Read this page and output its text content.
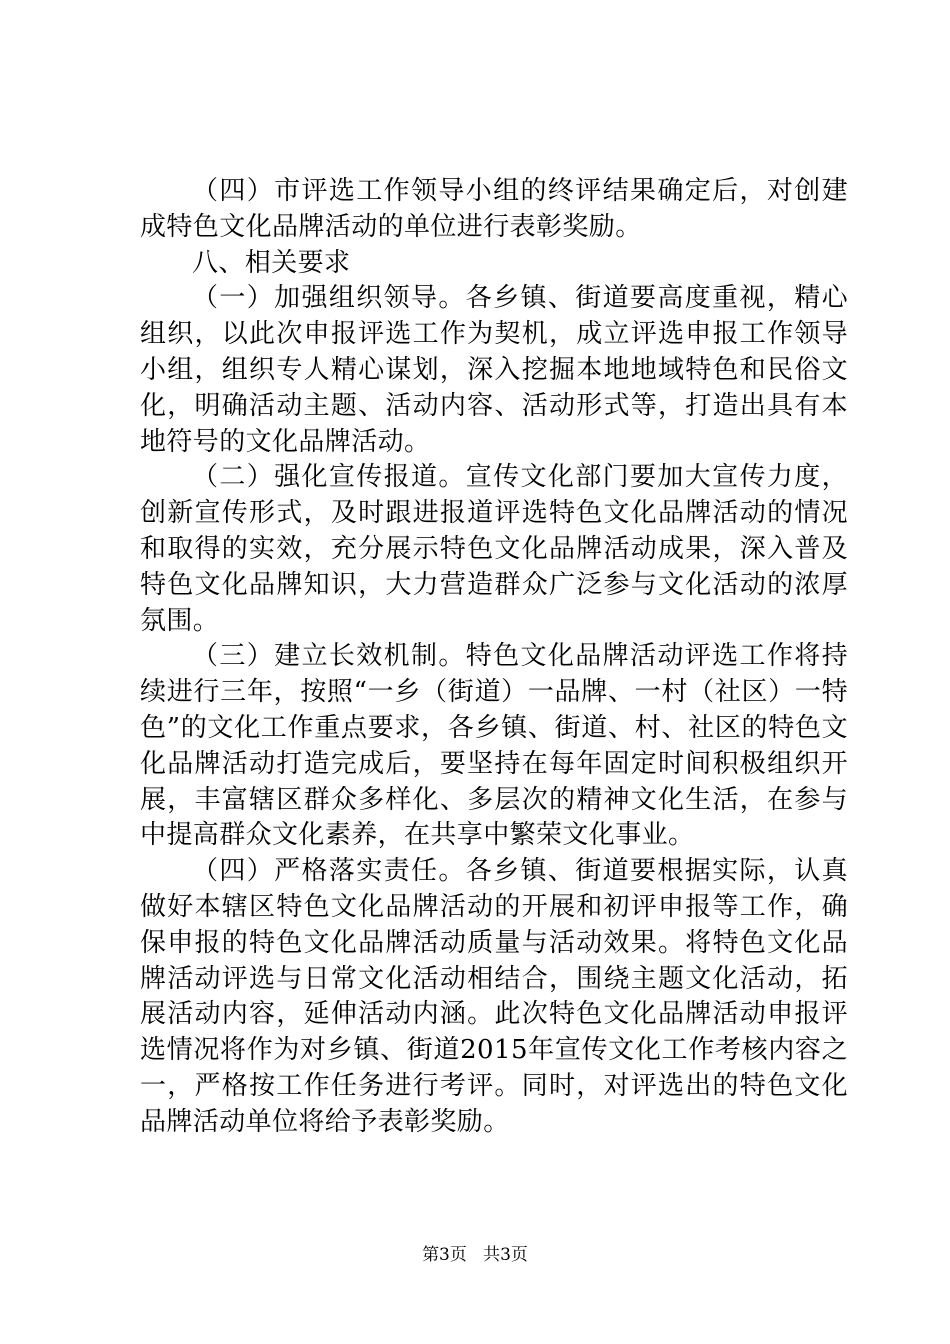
（四）市评选工作领导小组的终评结果确定后，对创建成特色文化品牌活动的单位进行表彰奖励。

八、相关要求

（一）加强组织领导。各乡镇、街道要高度重视，精心组织，以此次申报评选工作为契机，成立评选申报工作领导小组，组织专人精心谋划，深入挖掘本地地域特色和民俗文化，明确活动主题、活动内容、活动形式等，打造出具有本地符号的文化品牌活动。

（二）强化宣传报道。宣传文化部门要加大宣传力度，创新宣传形式，及时跟进报道评选特色文化品牌活动的情况和取得的实效，充分展示特色文化品牌活动成果，深入普及特色文化品牌知识，大力营造群众广泛参与文化活动的浓厚氛围。

（三）建立长效机制。特色文化品牌活动评选工作将持续进行三年，按照“一乡（街道）一品牌、一村（社区）一特色”的文化工作重点要求，各乡镇、街道、村、社区的特色文化品牌活动打造完成后，要坚持在每年固定时间积极组织开展，丰富辖区群众多样化、多层次的精神文化生活，在参与中提高群众文化素养，在共享中繁荣文化事业。

（四）严格落实责任。各乡镇、街道要根据实际，认真做好本辖区特色文化品牌活动的开展和初评申报等工作，确保申报的特色文化品牌活动质量与活动效果。将特色文化品牌活动评选与日常文化活动相结合，围绕主题文化活动，拓展活动内容，延伸活动内涵。此次特色文化品牌活动申报评选情况将作为对乡镇、街道2015年宣传文化工作考核内容之一，严格按工作任务进行考评。同时，对评选出的特色文化品牌活动单位将给予表彰奖励。

第3页 共3页
